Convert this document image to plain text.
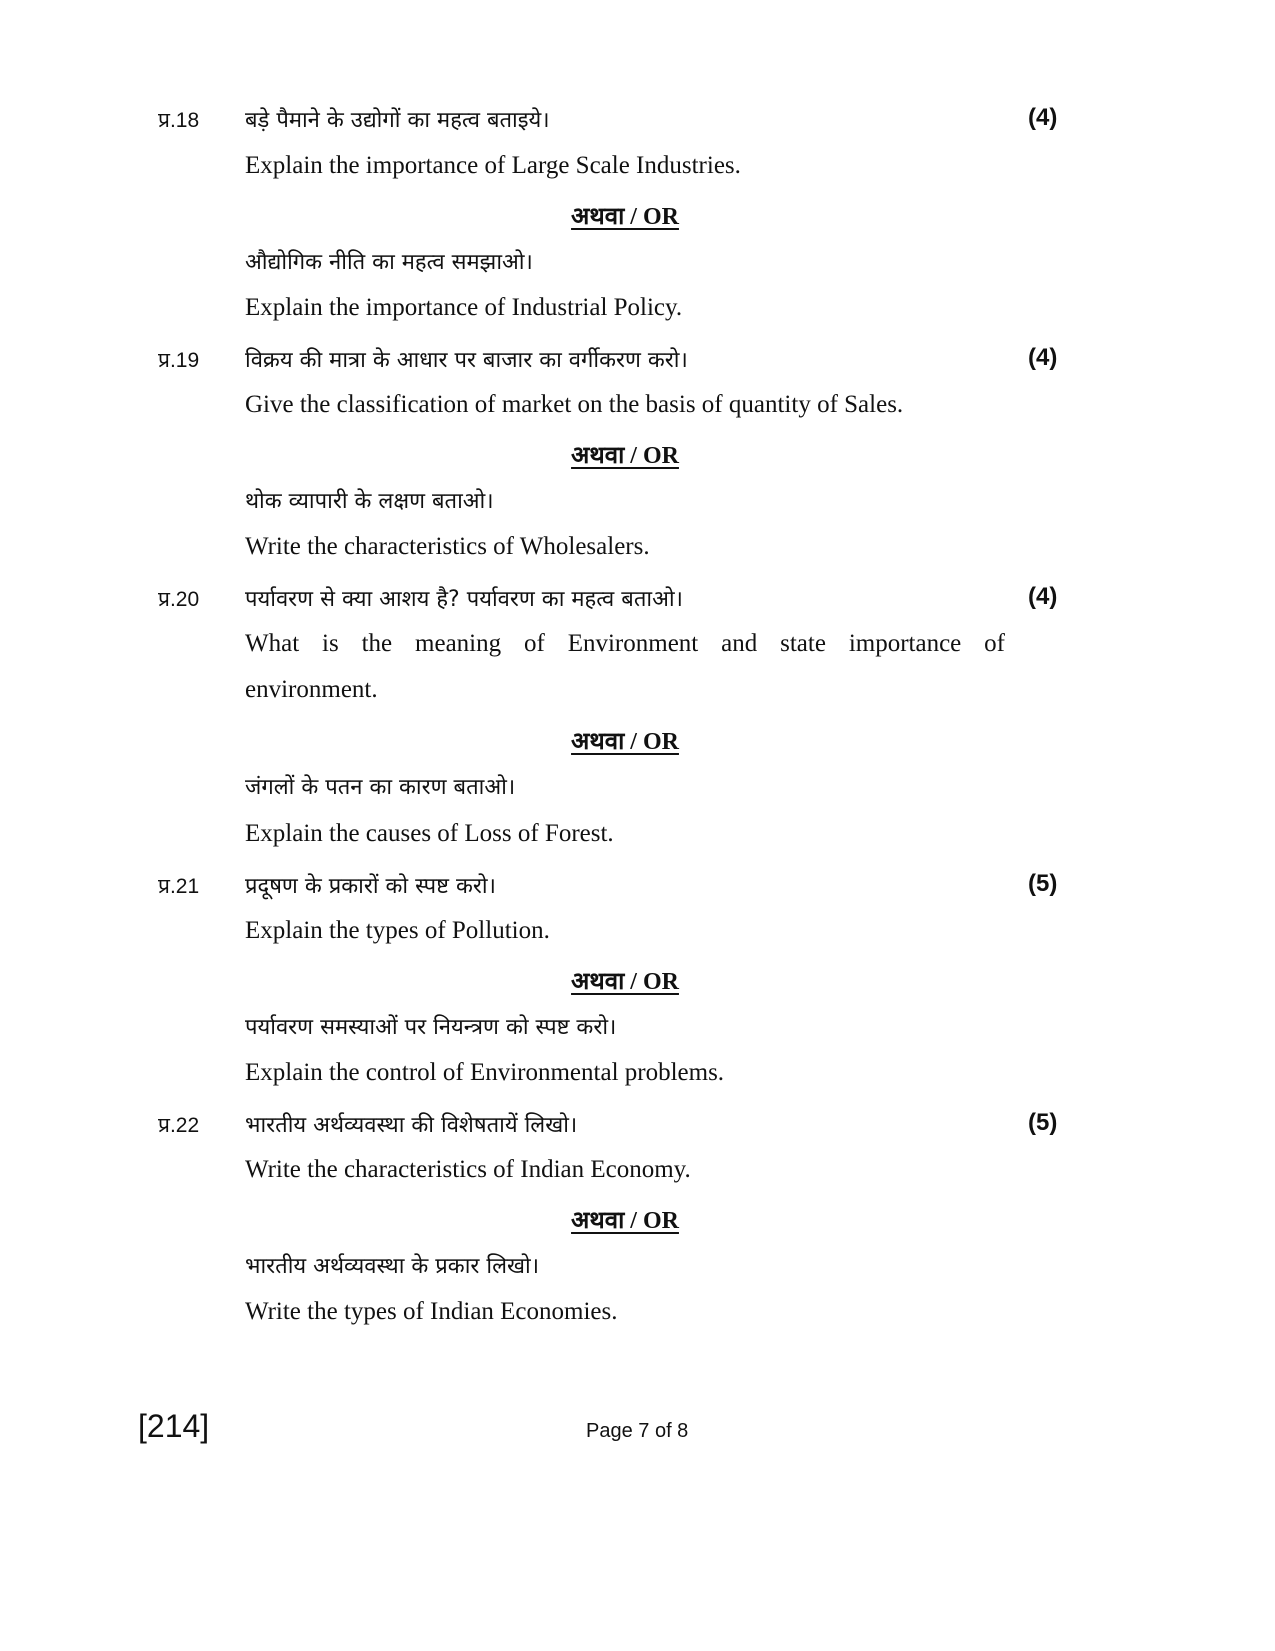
प्र.18 बड़े पैमाने के उद्योगों का महत्व बताइये।	(4)
Explain the importance of Large Scale Industries.
अथवा / OR
औद्योगिक नीति का महत्व समझाओ।
Explain the importance of Industrial Policy.
प्र.19 विक्रय की मात्रा के आधार पर बाजार का वर्गीकरण करो।	(4)
Give the classification of market on the basis of quantity of Sales.
अथवा / OR
थोक व्यापारी के लक्षण बताओ।
Write the characteristics of Wholesalers.
प्र.20 पर्यावरण से क्या आशय है? पर्यावरण का महत्व बताओ।	(4)
What is the meaning of Environment and state importance of
environment.
अथवा / OR
जंगलों के पतन का कारण बताओ।
Explain the causes of Loss of Forest.
प्र.21 प्रदूषण के प्रकारों को स्पष्ट करो।	(5)
Explain the types of Pollution.
अथवा / OR
पर्यावरण समस्याओं पर नियन्त्रण को स्पष्ट करो।
Explain the control of Environmental problems.
प्र.22 भारतीय अर्थव्यवस्था की विशेषतायें लिखो।	(5)
Write the characteristics of Indian Economy.
अथवा / OR
भारतीय अर्थव्यवस्था के प्रकार लिखो।
Write the types of Indian Economies.
[214]	Page 7 of 8
